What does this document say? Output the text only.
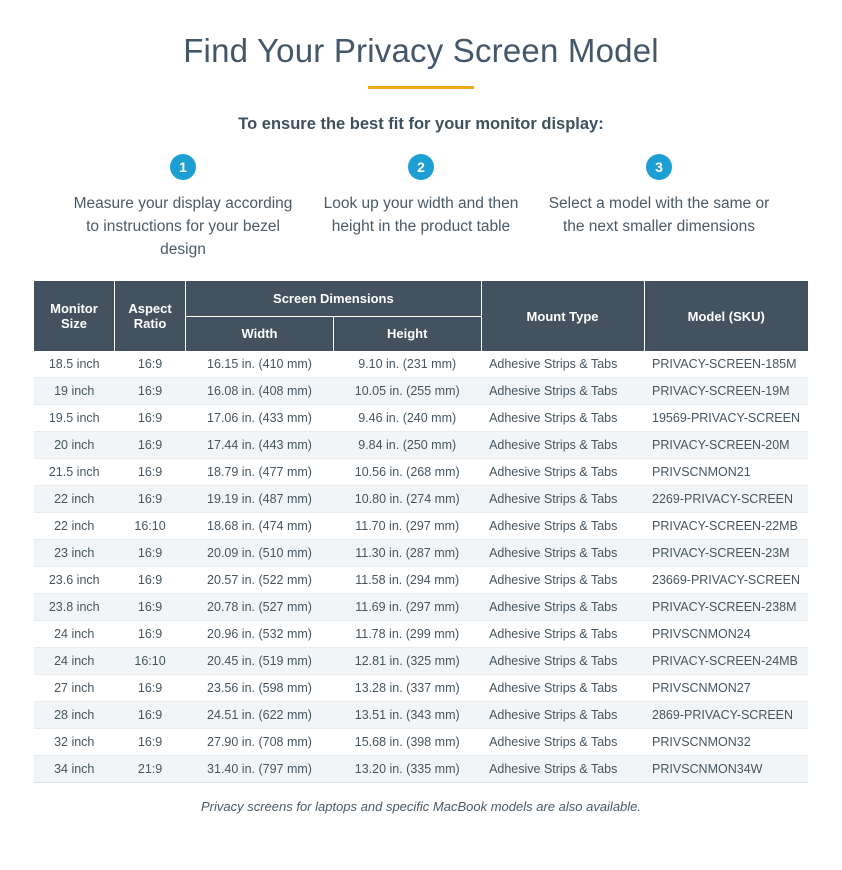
Find Your Privacy Screen Model
To ensure the best fit for your monitor display:
1
Measure your display according to instructions for your bezel design
2
Look up your width and then height in the product table
3
Select a model with the same or the next smaller dimensions
Monitor Size	Aspect Ratio	Screen Dimensions		Mount Type	Model (SKU)
		Width	Height		
18.5 inch	16:9	16.15 in. (410 mm)	9.10 in. (231 mm)	Adhesive Strips & Tabs	PRIVACY-SCREEN-185M
19 inch	16:9	16.08 in. (408 mm)	10.05 in. (255 mm)	Adhesive Strips & Tabs	PRIVACY-SCREEN-19M
19.5 inch	16:9	17.06 in. (433 mm)	9.46 in. (240 mm)	Adhesive Strips & Tabs	19569-PRIVACY-SCREEN
20 inch	16:9	17.44 in. (443 mm)	9.84 in. (250 mm)	Adhesive Strips & Tabs	PRIVACY-SCREEN-20M
21.5 inch	16:9	18.79 in. (477 mm)	10.56 in. (268 mm)	Adhesive Strips & Tabs	PRIVSCNMON21
22 inch	16:9	19.19 in. (487 mm)	10.80 in. (274 mm)	Adhesive Strips & Tabs	2269-PRIVACY-SCREEN
22 inch	16:10	18.68 in. (474 mm)	11.70 in. (297 mm)	Adhesive Strips & Tabs	PRIVACY-SCREEN-22MB
23 inch	16:9	20.09 in. (510 mm)	11.30 in. (287 mm)	Adhesive Strips & Tabs	PRIVACY-SCREEN-23M
23.6 inch	16:9	20.57 in. (522 mm)	11.58 in. (294 mm)	Adhesive Strips & Tabs	23669-PRIVACY-SCREEN
23.8 inch	16:9	20.78 in. (527 mm)	11.69 in. (297 mm)	Adhesive Strips & Tabs	PRIVACY-SCREEN-238M
24 inch	16:9	20.96 in. (532 mm)	11.78 in. (299 mm)	Adhesive Strips & Tabs	PRIVSCNMON24
24 inch	16:10	20.45 in. (519 mm)	12.81 in. (325 mm)	Adhesive Strips & Tabs	PRIVACY-SCREEN-24MB
27 inch	16:9	23.56 in. (598 mm)	13.28 in. (337 mm)	Adhesive Strips & Tabs	PRIVSCNMON27
28 inch	16:9	24.51 in. (622 mm)	13.51 in. (343 mm)	Adhesive Strips & Tabs	2869-PRIVACY-SCREEN
32 inch	16:9	27.90 in. (708 mm)	15.68 in. (398 mm)	Adhesive Strips & Tabs	PRIVSCNMON32
34 inch	21:9	31.40 in. (797 mm)	13.20 in. (335 mm)	Adhesive Strips & Tabs	PRIVSCNMON34W
Privacy screens for laptops and specific MacBook models are also available.
